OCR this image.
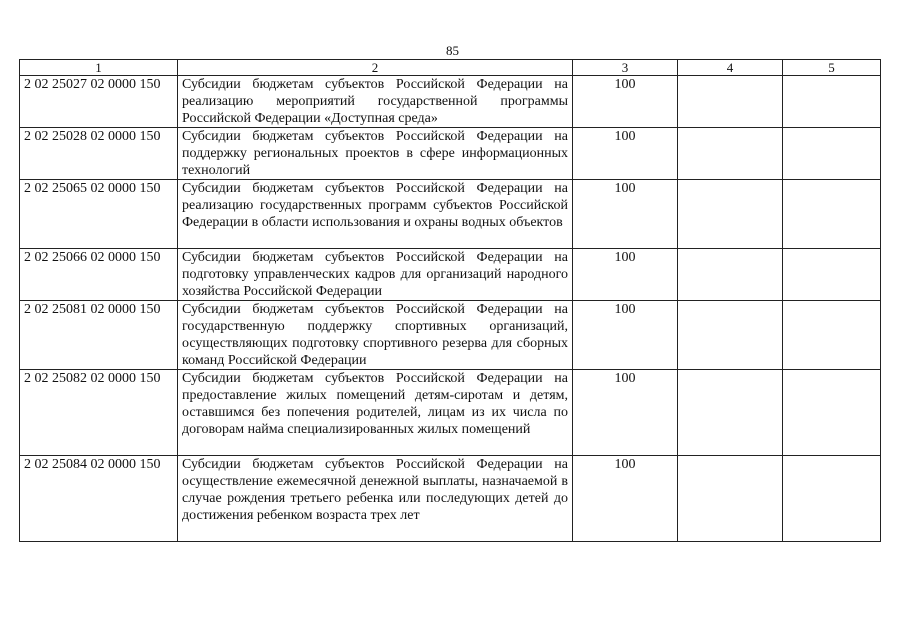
85
1	2	3	4	5
2 02 25027 02 0000 150	Субсидии бюджетам субъектов Российской Федерации на реализацию мероприятий государственной программы Российской Федерации «Доступная среда»	100		
2 02 25028 02 0000 150	Субсидии бюджетам субъектов Российской Федерации на поддержку региональных проектов в сфере информационных технологий	100		
2 02 25065 02 0000 150	Субсидии бюджетам субъектов Российской Федерации на реализацию государственных программ субъектов Российской Федерации в области использования и охраны водных объектов	100		
2 02 25066 02 0000 150	Субсидии бюджетам субъектов Российской Федерации на подготовку управленческих кадров для организаций народного хозяйства Российской Федерации	100		
2 02 25081 02 0000 150	Субсидии бюджетам субъектов Российской Федерации на государственную поддержку спортивных организаций, осуществляющих подготовку спортивного резерва для сборных команд Российской Федерации	100		
2 02 25082 02 0000 150	Субсидии бюджетам субъектов Российской Федерации на предоставление жилых помещений детям-сиротам и детям, оставшимся без попечения родителей, лицам из их числа по договорам найма специализированных жилых помещений	100		
2 02 25084 02 0000 150	Субсидии бюджетам субъектов Российской Федерации на осуществление ежемесячной денежной выплаты, назначаемой в случае рождения третьего ребенка или последующих детей до достижения ребенком возраста трех лет	100		
